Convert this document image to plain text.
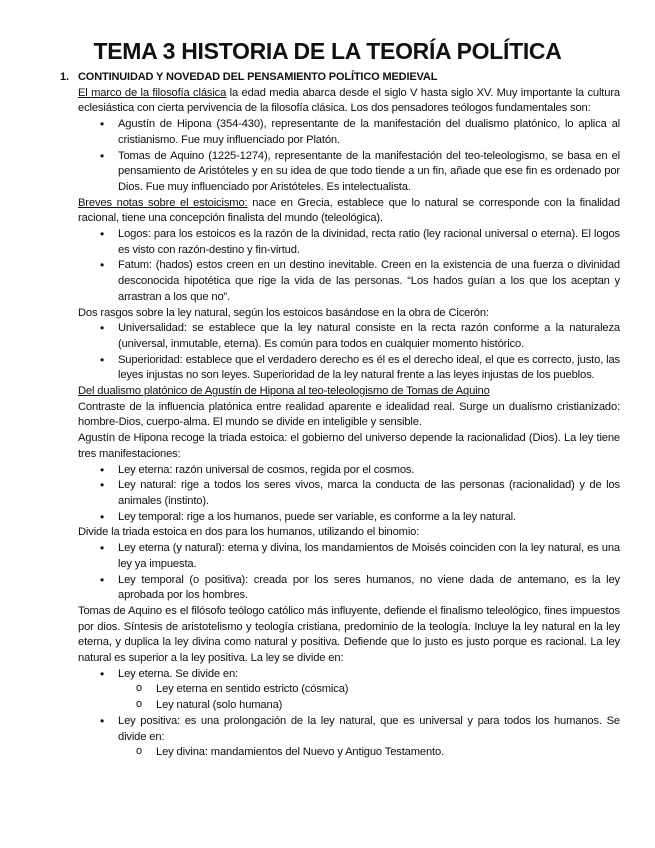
TEMA 3 HISTORIA DE LA TEORÍA POLÍTICA
1. CONTINUIDAD Y NOVEDAD DEL PENSAMIENTO POLÍTICO MEDIEVAL

El marco de la filosofía clásica la edad media abarca desde el siglo V hasta siglo XV. Muy importante la cultura eclesiástica con cierta pervivencia de la filosofía clásica. Los dos pensadores teólogos fundamentales son:

• Agustín de Hipona (354-430), representante de la manifestación del dualismo platónico, lo aplica al cristianismo. Fue muy influenciado por Platón.
• Tomas de Aquino (1225-1274), representante de la manifestación del teo-teleologismo, se basa en el pensamiento de Aristóteles y en su idea de que todo tiende a un fin, añade que ese fin es ordenado por Dios. Fue muy influenciado por Aristóteles. Es intelectualista.

Breves notas sobre el estoicismo: nace en Grecia, establece que lo natural se corresponde con la finalidad racional, tiene una concepción finalista del mundo (teleológica).

• Logos: para los estoicos es la razón de la divinidad, recta ratio (ley racional universal o eterna). El logos es visto con razón-destino y fin-virtud.
• Fatum: (hados) estos creen en un destino inevitable. Creen en la existencia de una fuerza o divinidad desconocida hipotética que rige la vida de las personas. “Los hados guían a los que los aceptan y arrastran a los que no”.

Dos rasgos sobre la ley natural, según los estoicos basándose en la obra de Cicerón:

• Universalidad: se establece que la ley natural consiste en la recta razón conforme a la naturaleza (universal, inmutable, eterna). Es común para todos en cualquier momento histórico.
• Superioridad: establece que el verdadero derecho es él es el derecho ideal, el que es correcto, justo, las leyes injustas no son leyes. Superioridad de la ley natural frente a las leyes injustas de los pueblos.

Del dualismo platónico de Agustín de Hipona al teo-teleologismo de Tomas de Aquino

Contraste de la influencia platónica entre realidad aparente e idealidad real. Surge un dualismo cristianizado: hombre-Dios, cuerpo-alma. El mundo se divide en inteligible y sensible.

Agustín de Hipona recoge la triada estoica: el gobierno del universo depende la racionalidad (Dios). La ley tiene tres manifestaciones:

• Ley eterna: razón universal de cosmos, regida por el cosmos.
• Ley natural: rige a todos los seres vivos, marca la conducta de las personas (racionalidad) y de los animales (instinto).
• Ley temporal: rige a los humanos, puede ser variable, es conforme a la ley natural.

Divide la triada estoica en dos para los humanos, utilizando el binomio:

• Ley eterna (y natural): eterna y divina, los mandamientos de Moisés coinciden con la ley natural, es una ley ya impuesta.
• Ley temporal (o positiva): creada por los seres humanos, no viene dada de antemano, es la ley aprobada por los hombres.

Tomas de Aquino es el filósofo teólogo católico más influyente, defiende el finalismo teleológico, fines impuestos por dios. Síntesis de aristotelismo y teología cristiana, predominio de la teología. Incluye la ley natural en la ley eterna, y duplica la ley divina como natural y positiva. Defiende que lo justo es justo porque es racional. La ley natural es superior a la ley positiva. La ley se divide en:

• Ley eterna. Se divide en:
o Ley eterna en sentido estricto (cósmica)
o Ley natural (solo humana)
• Ley positiva: es una prolongación de la ley natural, que es universal y para todos los humanos. Se divide en:
o Ley divina: mandamientos del Nuevo y Antiguo Testamento.
